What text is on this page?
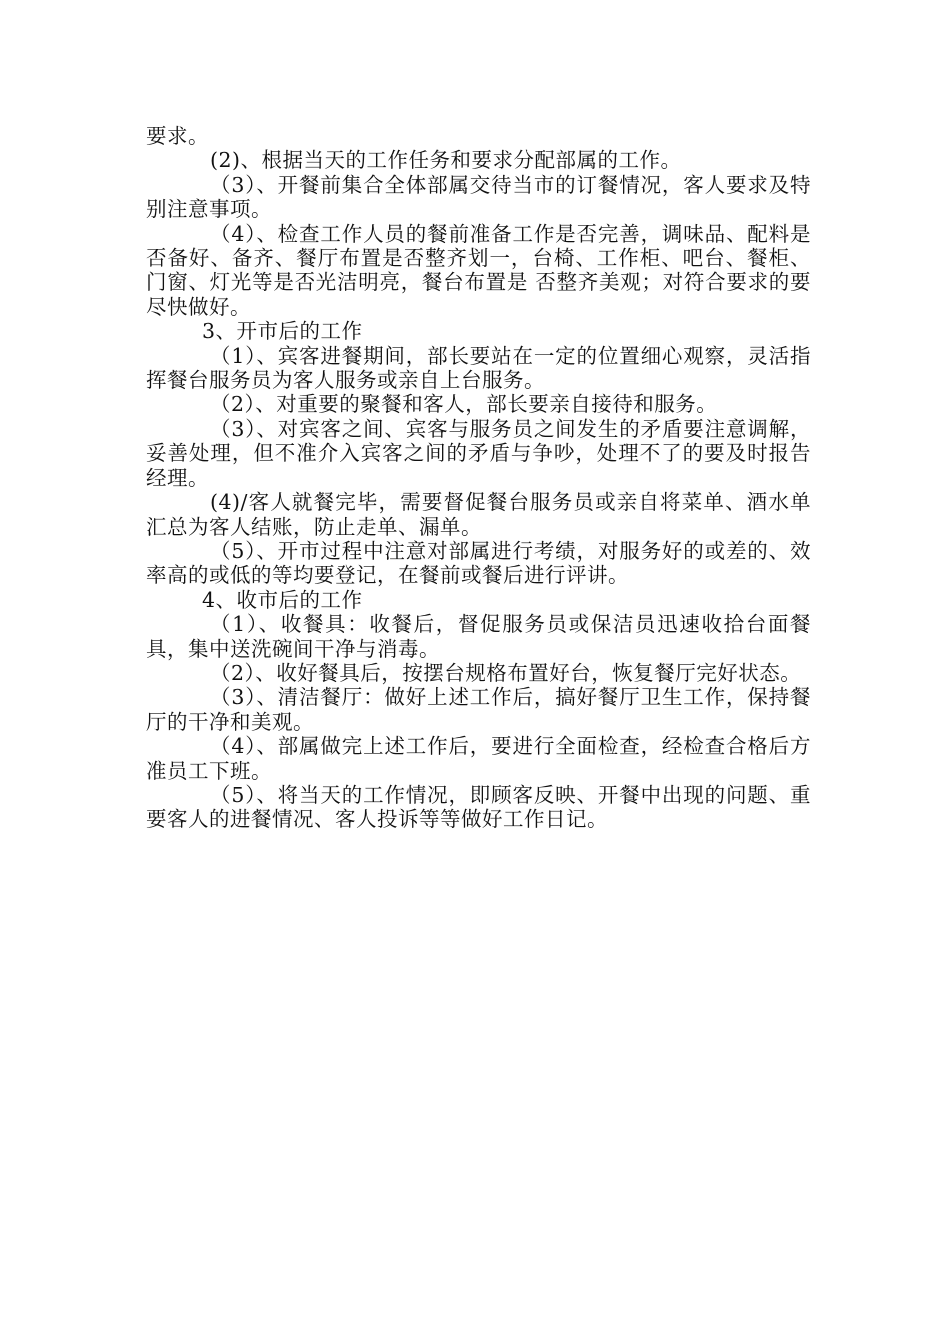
要求。

(2)、根据当天的工作任务和要求分配部属的工作。

（3）、开餐前集合全体部属交待当市的订餐情况，客人要求及特别注意事项。

（4）、检查工作人员的餐前准备工作是否完善，调味品、配料是否备好、备齐、餐厅布置是否整齐划一，台椅、工作柜、吧台、餐柜、门窗、灯光等是否光洁明亮，餐台布置是 否整齐美观；对符合要求的要尽快做好。

3、开市后的工作

（1）、宾客进餐期间，部长要站在一定的位置细心观察，灵活指挥餐台服务员为客人服务或亲自上台服务。

（2）、对重要的聚餐和客人，部长要亲自接待和服务。

（3）、对宾客之间、宾客与服务员之间发生的矛盾要注意调解，妥善处理，但不准介入宾客之间的矛盾与争吵，处理不了的要及时报告经理。

(4)/客人就餐完毕，需要督促餐台服务员或亲自将菜单、酒水单汇总为客人结账，防止走单、漏单。

（5）、开市过程中注意对部属进行考绩，对服务好的或差的、效率高的或低的等均要登记，在餐前或餐后进行评讲。

4、收市后的工作

（1）、收餐具：收餐后，督促服务员或保洁员迅速收拾台面餐具，集中送洗碗间干净与消毒。

（2）、收好餐具后，按摆台规格布置好台，恢复餐厅完好状态。

（3）、清洁餐厅：做好上述工作后，搞好餐厅卫生工作，保持餐厅的干净和美观。

（4）、部属做完上述工作后，要进行全面检查，经检查合格后方准员工下班。

（5）、将当天的工作情况，即顾客反映、开餐中出现的问题、重要客人的进餐情况、客人投诉等等做好工作日记。
